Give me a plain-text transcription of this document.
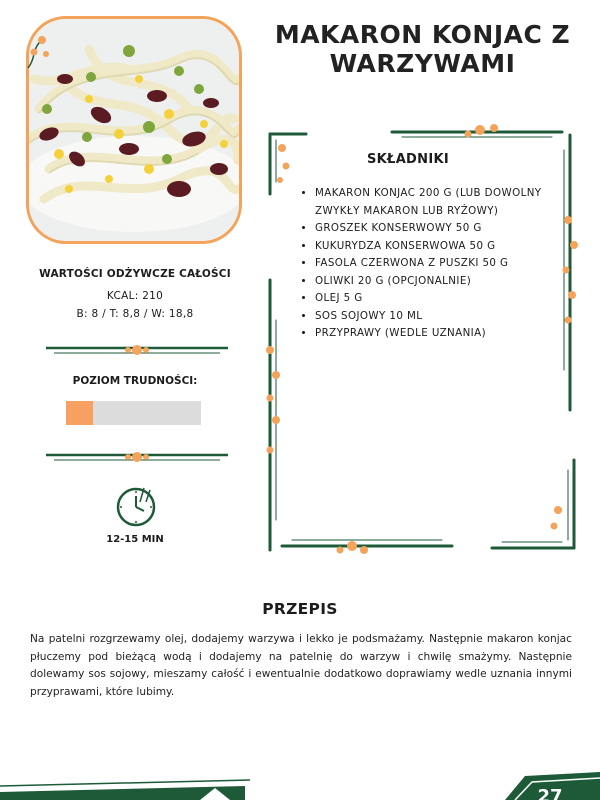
MAKARON KONJAC Z WARZYWAMI
SKŁADNIKI
• MAKARON KONJAC 200 G (LUB DOWOLNY ZWYKŁY MAKARON LUB RYŻOWY)
• GROSZEK KONSERWOWY 50 G
• KUKURYDZA KONSERWOWA 50 G
• FASOLA CZERWONA Z PUSZKI 50 G
• OLIWKI 20 G (OPCJONALNIE)
• OLEJ 5 G
• SOS SOJOWY 10 ML
• PRZYPRAWY (WEDLE UZNANIA)
WARTOŚCI ODŻYWCZE CAŁOŚCI
KCAL: 210
B: 8 / T: 8,8 / W: 18,8
POZIOM TRUDNOŚCI:
12-15 MIN
PRZEPIS
Na patelni rozgrzewamy olej, dodajemy warzywa i lekko je podsmażamy. Następnie makaron konjac płuczemy pod bieżącą wodą i dodajemy na patelnię do warzyw i chwilę smażymy. Następnie dolewamy sos sojowy, mieszamy całość i ewentualnie dodatkowo doprawiamy wedle uznania innymi przyprawami, które lubimy.
27
